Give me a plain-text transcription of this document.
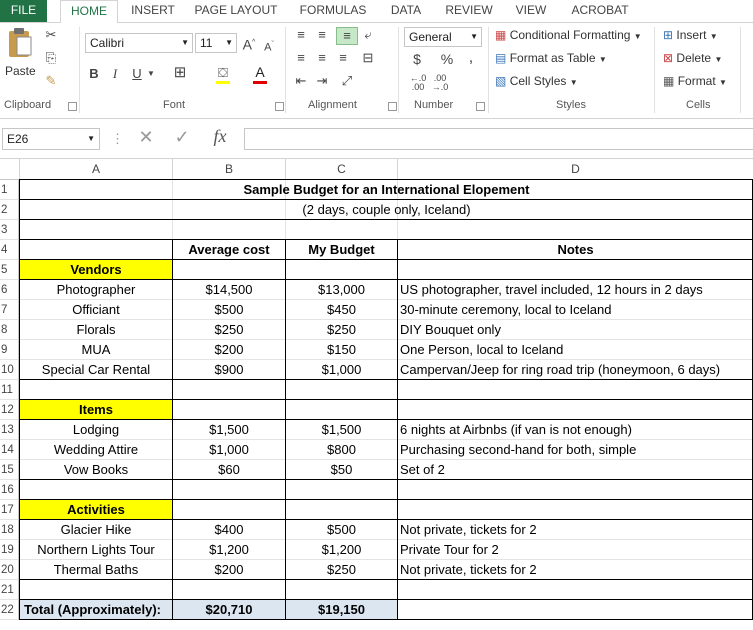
FILE	HOME	INSERT	PAGE LAYOUT	FORMULAS	DATA	REVIEW	VIEW	ACROBAT
Paste
✂
⎘
✎
Clipboard
Calibri	▼ 11 ▼ A^ $A^ˇ$
B	I	U ▼ ⊞	⛋ A
Font
≡ ≡	≡	⤶
≡ ≡ ≡ ⊟
⇤ ⇥ ⤢
Alignment
General ▼
$ % ,
←.0
.00
.00
→.0
Number
▦ Conditional Formatting ▼
▤ Format as Table ▼
▧ Cell Styles ▼
Styles
⊞ Insert ▼
⊠ Delete ▼
▦ Format ▼
Cells
E26	▼ ⋮ ✕ ✓	fx
A	B	C	D
1
2
3
4
5
6
7
8
9
10
11
12
13
14
15
16
17
18
19
20
21
22
Sample Budget for an International Elopement
(2 days, couple only, Iceland)
Average cost	My Budget	Notes
Vendors
Photographer	$14,500	$13,000	US photographer, travel included, 12 hours in 2 days
Officiant	$500	$450	30-minute ceremony, local to Iceland
Florals	$250	$250	DIY Bouquet only
MUA	$200	$150	One Person, local to Iceland
Special Car Rental	$900	$1,000	Campervan/Jeep for ring road trip (honeymoon, 6 days)
Items
Lodging	$1,500	$1,500	6 nights at Airbnbs (if van is not enough)
Wedding Attire	$1,000	$800	Purchasing second-hand for both, simple
Vow Books	$60	$50	Set of 2
Activities
Glacier Hike	$400	$500	Not private, tickets for 2
Northern Lights Tour	$1,200	$1,200	Private Tour for 2
Thermal Baths	$200	$250	Not private, tickets for 2
Total (Approximately):	$20,710	$19,150
